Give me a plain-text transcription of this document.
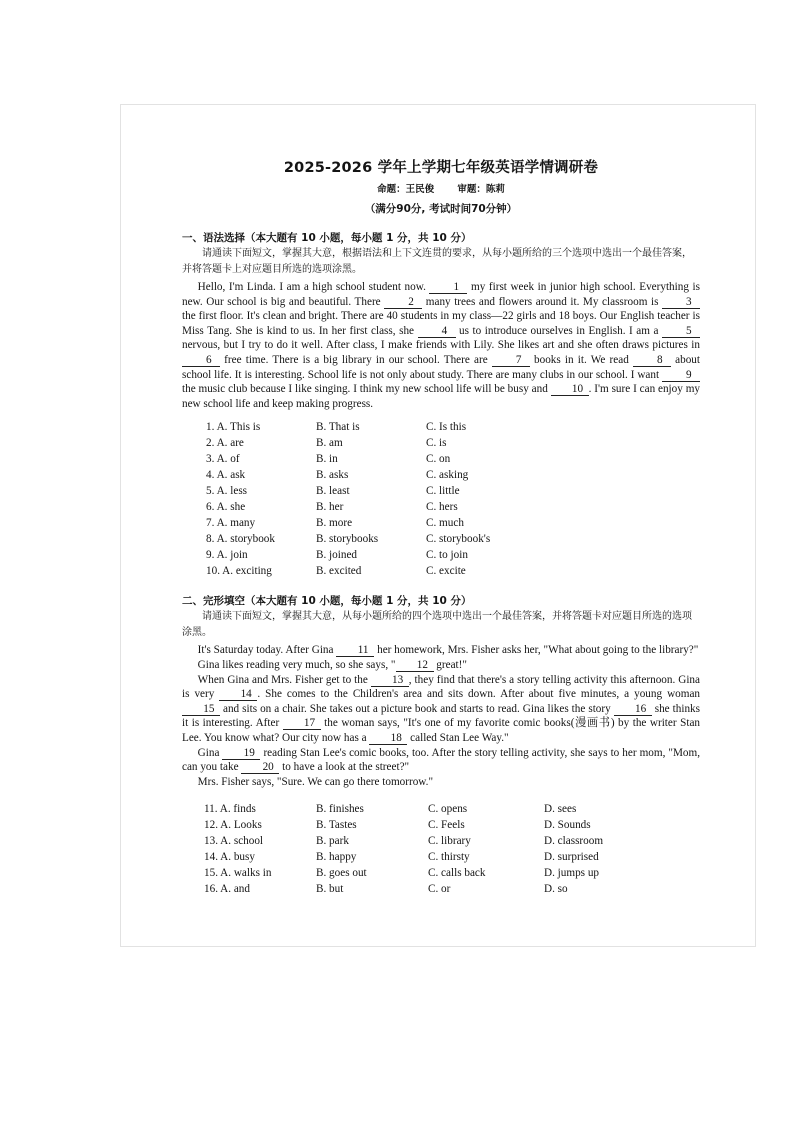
2025-2026 学年上学期七年级英语学情调研卷
命题：王民俊 审题：陈莉
（满分90分, 考试时间70分钟）
一、语法选择（本大题有 10 小题，每小题 1 分，共 10 分）

请通读下面短文，掌握其大意，根据语法和上下文连贯的要求，从每小题所给的三个选项中选出一个最佳答案，并将答题卡上对应题目所选的选项涂黑。

Hello, I'm Linda. I am a high school student now. 1 my first week in junior high school. Everything is new. Our school is big and beautiful. There 2 many trees and flowers around it. My classroom is 3 the first floor. It's clean and bright. There are 40 students in my class—22 girls and 18 boys. Our English teacher is Miss Tang. She is kind to us. In her first class, she 4 us to introduce ourselves in English. I am a 5 nervous, but I try to do it well. After class, I make friends with Lily. She likes art and she often draws pictures in 6 free time. There is a big library in our school. There are 7 books in it. We read 8 about school life. It is interesting. School life is not only about study. There are many clubs in our school. I want 9 the music club because I like singing. I think my new school life will be busy and 10 . I'm sure I can enjoy my new school life and keep making progress.

1. A. This is	B. That is	C. Is this
2. A. are	B. am	C. is
3. A. of	B. in	C. on
4. A. ask	B. asks	C. asking
5. A. less	B. least	C. little
6. A. she	B. her	C. hers
7. A. many	B. more	C. much
8. A. storybook	B. storybooks	C. storybook's
9. A. join	B. joined	C. to join
10. A. exciting	B. excited	C. excite
二、完形填空（本大题有 10 小题，每小题 1 分，共 10 分）

请通读下面短文，掌握其大意，从每小题所给的四个选项中选出一个最佳答案，并将答题卡对应题目所选的选项涂黑。

It's Saturday today. After Gina 11 her homework, Mrs. Fisher asks her, "What about going to the library?"

Gina likes reading very much, so she says, " 12 great!"

When Gina and Mrs. Fisher get to the 13 , they find that there's a story telling activity this afternoon. Gina is very 14 . She comes to the Children's area and sits down. After about five minutes, a young woman 15 and sits on a chair. She takes out a picture book and starts to read. Gina likes the story 16 she thinks it is interesting. After 17 the woman says, "It's one of my favorite comic books(漫画书) by the writer Stan Lee. You know what? Our city now has a 18 called Stan Lee Way."

Gina 19 reading Stan Lee's comic books, too. After the story telling activity, she says to her mom, "Mom, can you take 20 to have a look at the street?"

Mrs. Fisher says, "Sure. We can go there tomorrow."

11. A. finds	B. finishes	C. opens	D. sees
12. A. Looks	B. Tastes	C. Feels	D. Sounds
13. A. school	B. park	C. library	D. classroom
14. A. busy	B. happy	C. thirsty	D. surprised
15. A. walks in	B. goes out	C. calls back	D. jumps up
16. A. and	B. but	C. or	D. so
